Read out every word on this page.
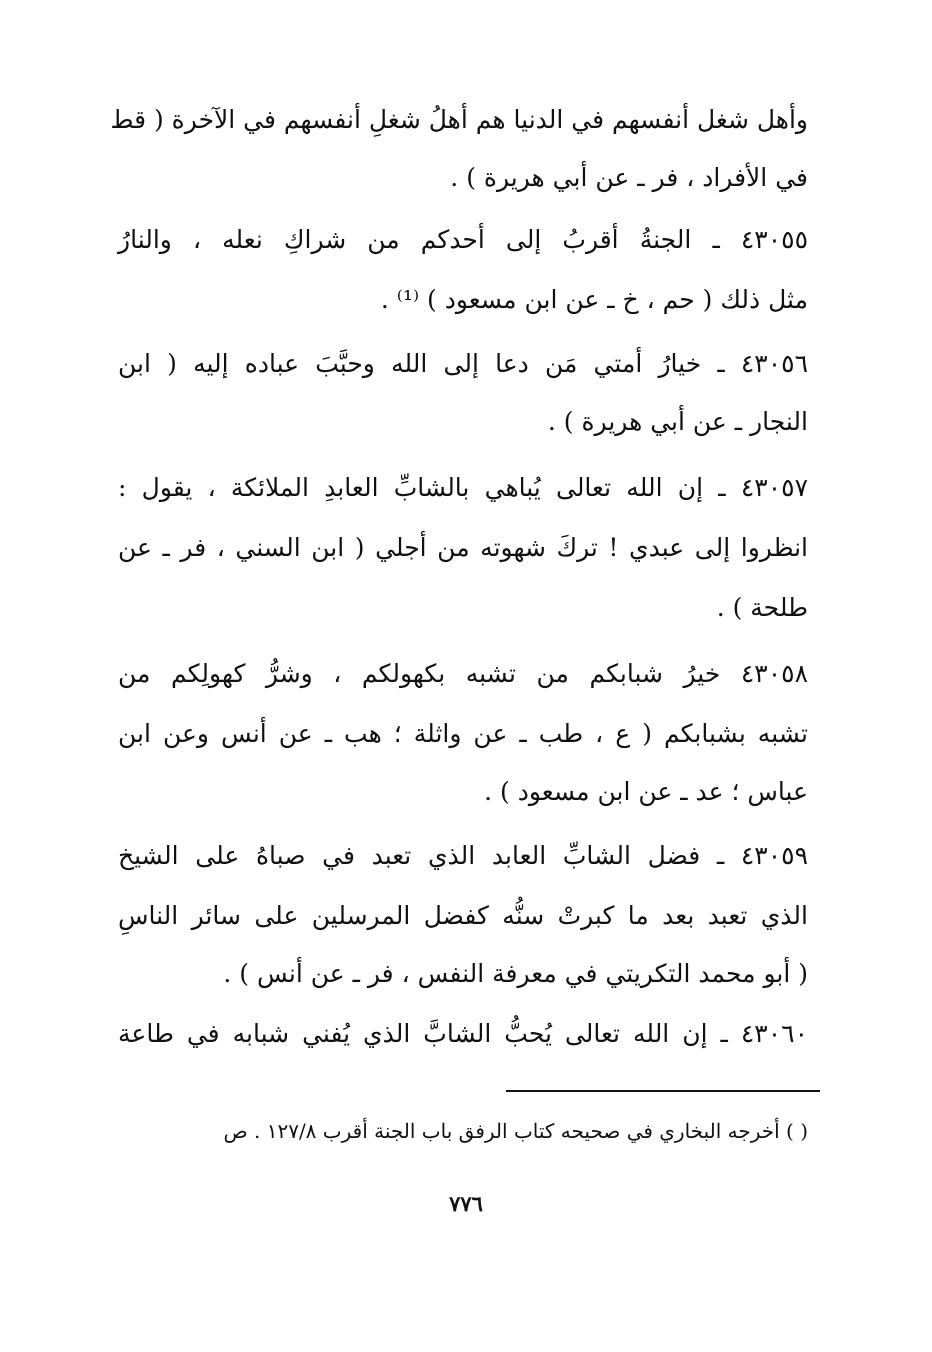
وأهل شغل أنفسهم في الدنيا هم أهلُ شغلِ أنفسهم في الآخرة ( قط
في الأفراد ، فر ـ عن أبي هريرة ) .
٤٣٠٥٥ ـ الجنةُ أقربُ إلى أحدكم من شراكِ نعله ، والنارُ
مثل ذلك ( حم ، خ ـ عن ابن مسعود ) ⁽¹⁾ .
٤٣٠٥٦ ـ خيارُ أمتي مَن دعا إلى الله وحبَّبَ عباده إليه ( ابن
النجار ـ عن أبي هريرة ) .
٤٣٠٥٧ ـ إن الله تعالى يُباهي بالشابِّ العابدِ الملائكة ، يقول :
انظروا إلى عبدي ! تركَ شهوته من أجلي ( ابن السني ، فر ـ عن
طلحة ) .
٤٣٠٥٨ خيرُ شبابكم من تشبه بكهولكم ، وشرُّ كهولِكم من
تشبه بشبابكم ( ع ، طب ـ عن واثلة ؛ هب ـ عن أنس وعن ابن
عباس ؛ عد ـ عن ابن مسعود ) .
٤٣٠٥٩ ـ فضل الشابِّ العابد الذي تعبد في صباهُ على الشيخ
الذي تعبد بعد ما كبرتْ سنُّه كفضل المرسلين على سائر الناسِ
( أبو محمد التكريتي في معرفة النفس ، فر ـ عن أنس ) .
٤٣٠٦٠ ـ إن الله تعالى يُحبُّ الشابَّ الذي يُفني شبابه في طاعة
( ) أخرجه البخاري في صحيحه كتاب الرفق باب الجنة أقرب ١٢٧/٨ . ص
٧٧٦
